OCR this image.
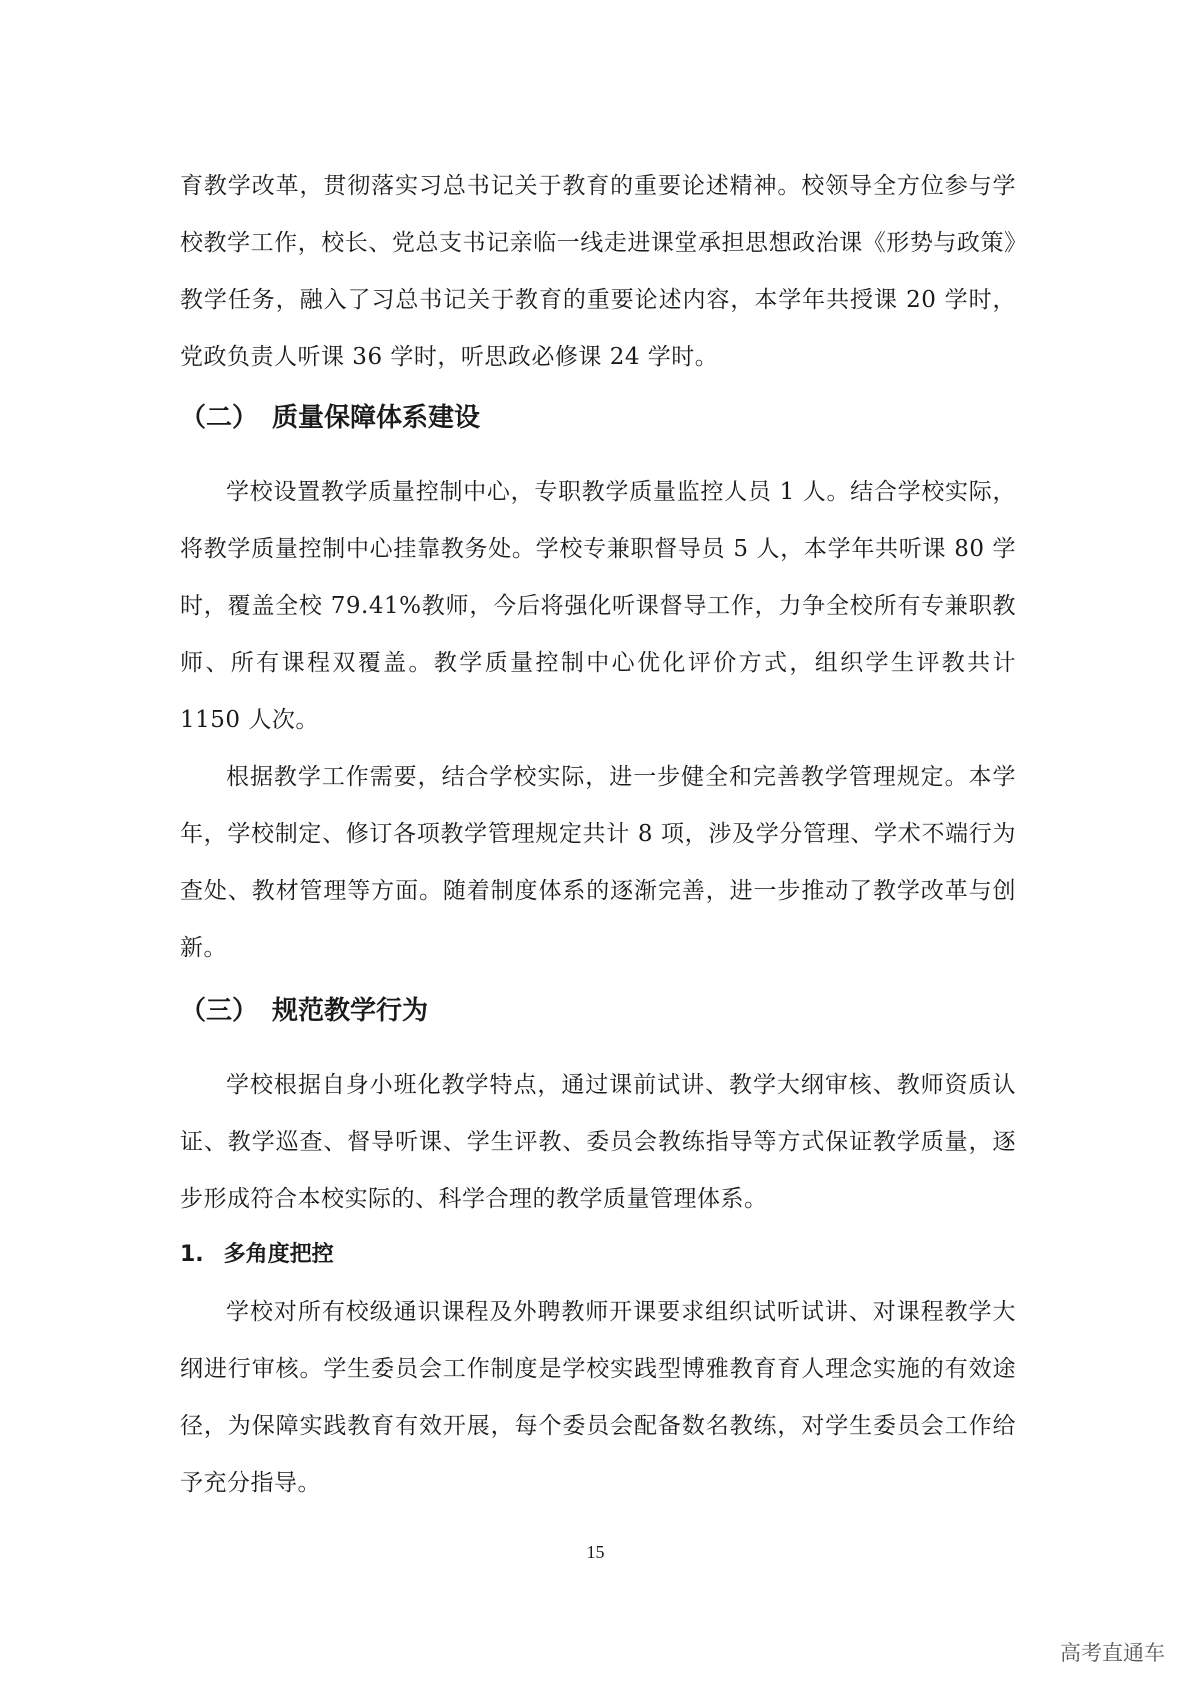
育教学改革，贯彻落实习总书记关于教育的重要论述精神。校领导全方位参与学校教学工作，校长、党总支书记亲临一线走进课堂承担思想政治课《形势与政策》教学任务，融入了习总书记关于教育的重要论述内容，本学年共授课 20 学时，党政负责人听课 36 学时，听思政必修课 24 学时。

（二） 质量保障体系建设

学校设置教学质量控制中心，专职教学质量监控人员 1 人。结合学校实际，将教学质量控制中心挂靠教务处。学校专兼职督导员 5 人，本学年共听课 80 学时，覆盖全校 79.41%教师，今后将强化听课督导工作，力争全校所有专兼职教师、所有课程双覆盖。教学质量控制中心优化评价方式，组织学生评教共计 1150 人次。

根据教学工作需要，结合学校实际，进一步健全和完善教学管理规定。本学年，学校制定、修订各项教学管理规定共计 8 项，涉及学分管理、学术不端行为查处、教材管理等方面。随着制度体系的逐渐完善，进一步推动了教学改革与创新。

（三） 规范教学行为

学校根据自身小班化教学特点，通过课前试讲、教学大纲审核、教师资质认证、教学巡查、督导听课、学生评教、委员会教练指导等方式保证教学质量，逐步形成符合本校实际的、科学合理的教学质量管理体系。

1. 多角度把控

学校对所有校级通识课程及外聘教师开课要求组织试听试讲、对课程教学大纲进行审核。学生委员会工作制度是学校实践型博雅教育育人理念实施的有效途径，为保障实践教育有效开展，每个委员会配备数名教练，对学生委员会工作给予充分指导。

15
高考直通车
